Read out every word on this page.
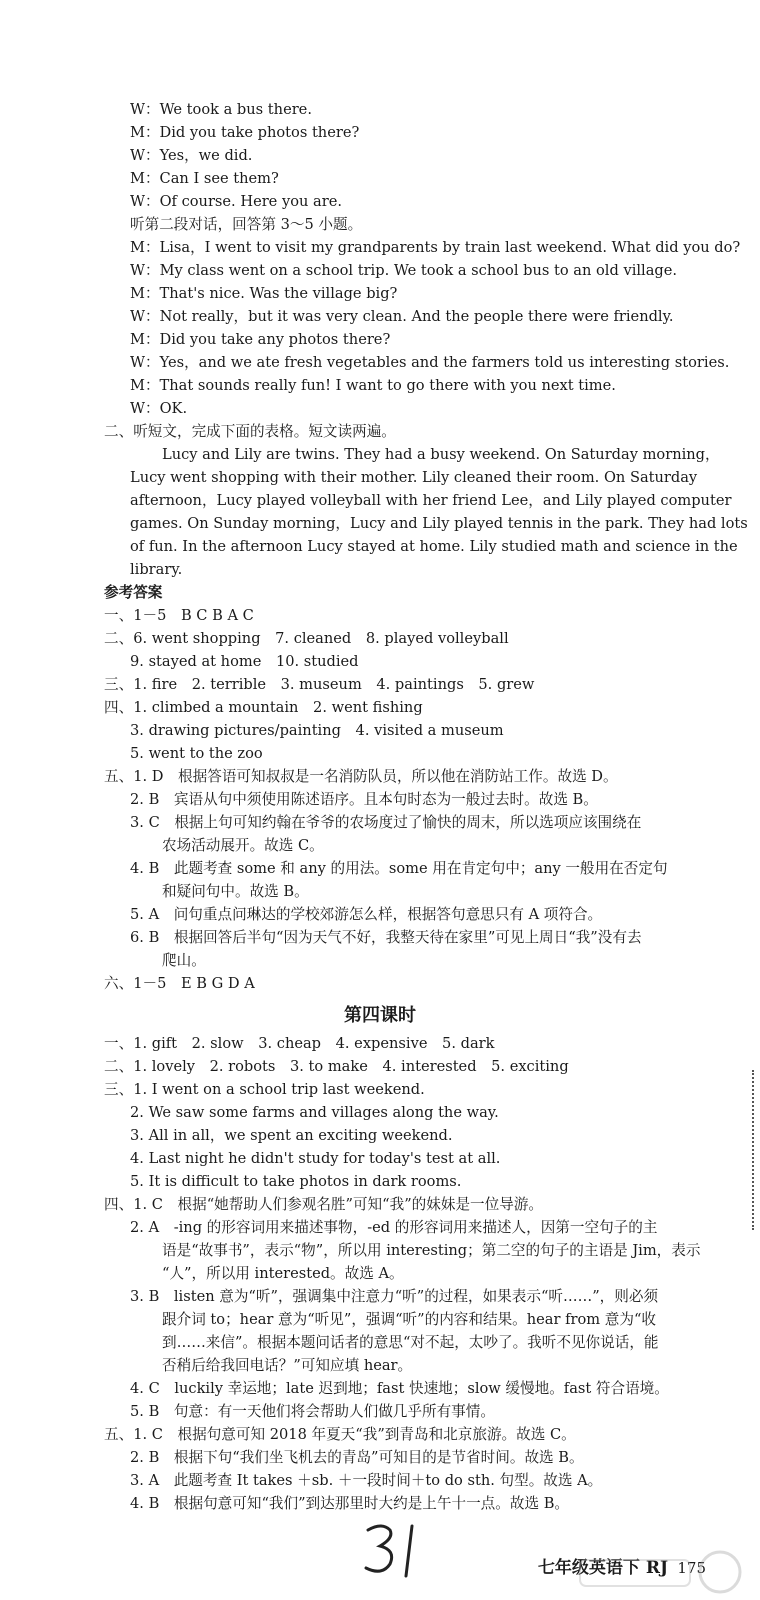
W：We took a bus there.
M：Did you take photos there?
W：Yes，we did.
M：Can I see them?
W：Of course. Here you are.
听第二段对话，回答第 3～5 小题。
M：Lisa，I went to visit my grandparents by train last weekend. What did you do?
W：My class went on a school trip. We took a school bus to an old village.
M：That's nice. Was the village big?
W：Not really，but it was very clean. And the people there were friendly.
M：Did you take any photos there?
W：Yes，and we ate fresh vegetables and the farmers told us interesting stories.
M：That sounds really fun! I want to go there with you next time.
W：OK.
二、听短文，完成下面的表格。短文读两遍。
Lucy and Lily are twins. They had a busy weekend. On Saturday morning，
Lucy went shopping with their mother. Lily cleaned their room. On Saturday
afternoon，Lucy played volleyball with her friend Lee，and Lily played computer
games. On Sunday morning，Lucy and Lily played tennis in the park. They had lots
of fun. In the afternoon Lucy stayed at home. Lily studied math and science in the
library.
参考答案
一、1－5　B C B A C
二、6. went shopping　7. cleaned　8. played volleyball
9. stayed at home　10. studied
三、1. fire　2. terrible　3. museum　4. paintings　5. grew
四、1. climbed a mountain　2. went fishing
3. drawing pictures/painting　4. visited a museum
5. went to the zoo
五、1. D　根据答语可知叔叔是一名消防队员，所以他在消防站工作。故选 D。
2. B　宾语从句中须使用陈述语序。且本句时态为一般过去时。故选 B。
3. C　根据上句可知约翰在爷爷的农场度过了愉快的周末，所以选项应该围绕在
农场活动展开。故选 C。
4. B　此题考查 some 和 any 的用法。some 用在肯定句中；any 一般用在否定句
和疑问句中。故选 B。
5. A　问句重点问琳达的学校郊游怎么样，根据答句意思只有 A 项符合。
6. B　根据回答后半句“因为天气不好，我整天待在家里”可见上周日“我”没有去
爬山。
六、1－5　E B G D A
第四课时
一、1. gift　2. slow　3. cheap　4. expensive　5. dark
二、1. lovely　2. robots　3. to make　4. interested　5. exciting
三、1. I went on a school trip last weekend.
2. We saw some farms and villages along the way.
3. All in all，we spent an exciting weekend.
4. Last night he didn't study for today's test at all.
5. It is difficult to take photos in dark rooms.
四、1. C　根据“她帮助人们参观名胜”可知“我”的妹妹是一位导游。
2. A　-ing 的形容词用来描述事物，-ed 的形容词用来描述人，因第一空句子的主
语是“故事书”，表示“物”，所以用 interesting；第二空的句子的主语是 Jim，表示
“人”，所以用 interested。故选 A。
3. B　listen 意为“听”，强调集中注意力“听”的过程，如果表示“听……”，则必须
跟介词 to；hear 意为“听见”，强调“听”的内容和结果。hear from 意为“收
到……来信”。根据本题问话者的意思“对不起，太吵了。我听不见你说话，能
否稍后给我回电话？”可知应填 hear。
4. C　luckily 幸运地；late 迟到地；fast 快速地；slow 缓慢地。fast 符合语境。
5. B　句意：有一天他们将会帮助人们做几乎所有事情。
五、1. C　根据句意可知 2018 年夏天“我”到青岛和北京旅游。故选 C。
2. B　根据下句“我们坐飞机去的青岛”可知目的是节省时间。故选 B。
3. A　此题考查 It takes ＋sb. ＋一段时间＋to do sth. 句型。故选 A。
4. B　根据句意可知“我们”到达那里时大约是上午十一点。故选 B。
七年级英语下 RJ 175
